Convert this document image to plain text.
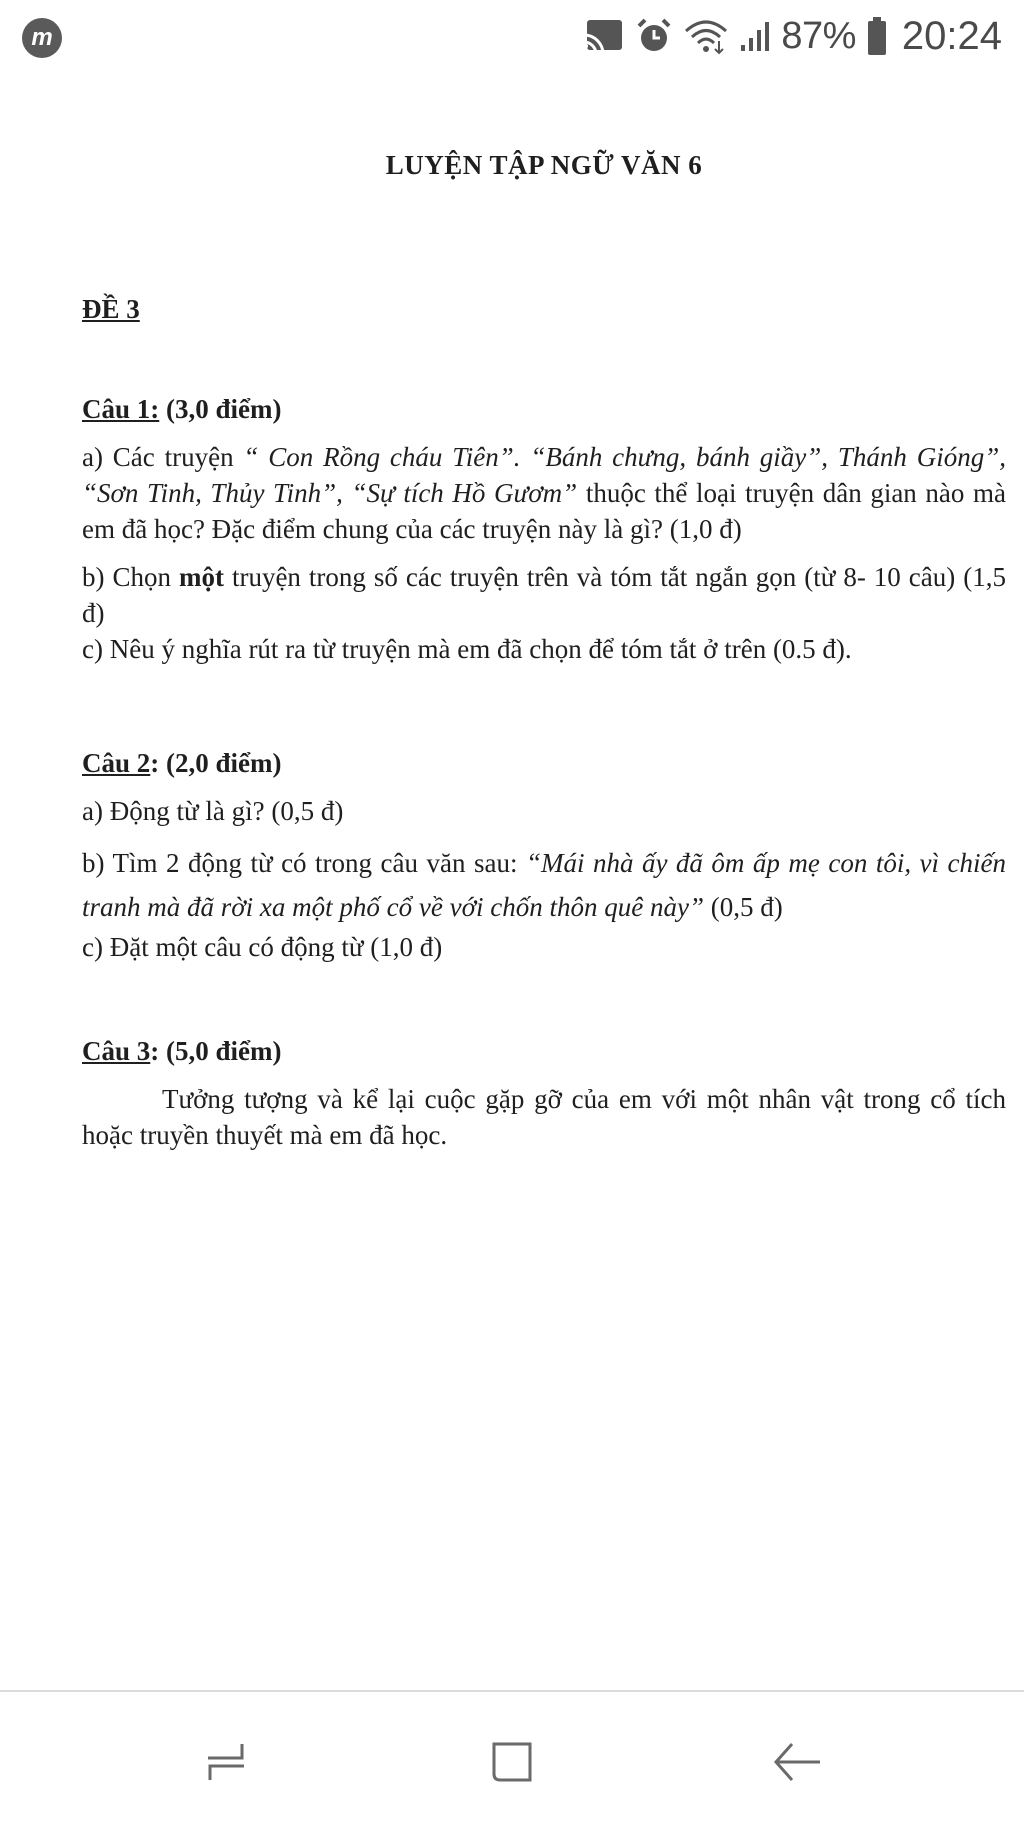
m	87% 20:24
LUYỆN TẬP NGỮ VĂN 6
ĐỀ 3

Câu 1: (3,0 điểm)

a) Các truyện “ Con Rồng cháu Tiên”. “Bánh chưng, bánh giầy”, Thánh Gióng”, “Sơn Tinh, Thủy Tinh”, “Sự tích Hồ Gươm” thuộc thể loại truyện dân gian nào mà em đã học? Đặc điểm chung của các truyện này là gì? (1,0 đ)

b) Chọn một truyện trong số các truyện trên và tóm tắt ngắn gọn (từ 8- 10 câu) (1,5 đ)

c) Nêu ý nghĩa rút ra từ truyện mà em đã chọn để tóm tắt ở trên (0.5 đ).

Câu 2: (2,0 điểm)

a) Động từ là gì? (0,5 đ)

b) Tìm 2 động từ có trong câu văn sau: “Mái nhà ấy đã ôm ấp mẹ con tôi, vì chiến tranh mà đã rời xa một phố cổ về với chốn thôn quê này” (0,5 đ)

c) Đặt một câu có động từ (1,0 đ)

Câu 3: (5,0 điểm)

Tưởng tượng và kể lại cuộc gặp gỡ của em với một nhân vật trong cổ tích hoặc truyền thuyết mà em đã học.
